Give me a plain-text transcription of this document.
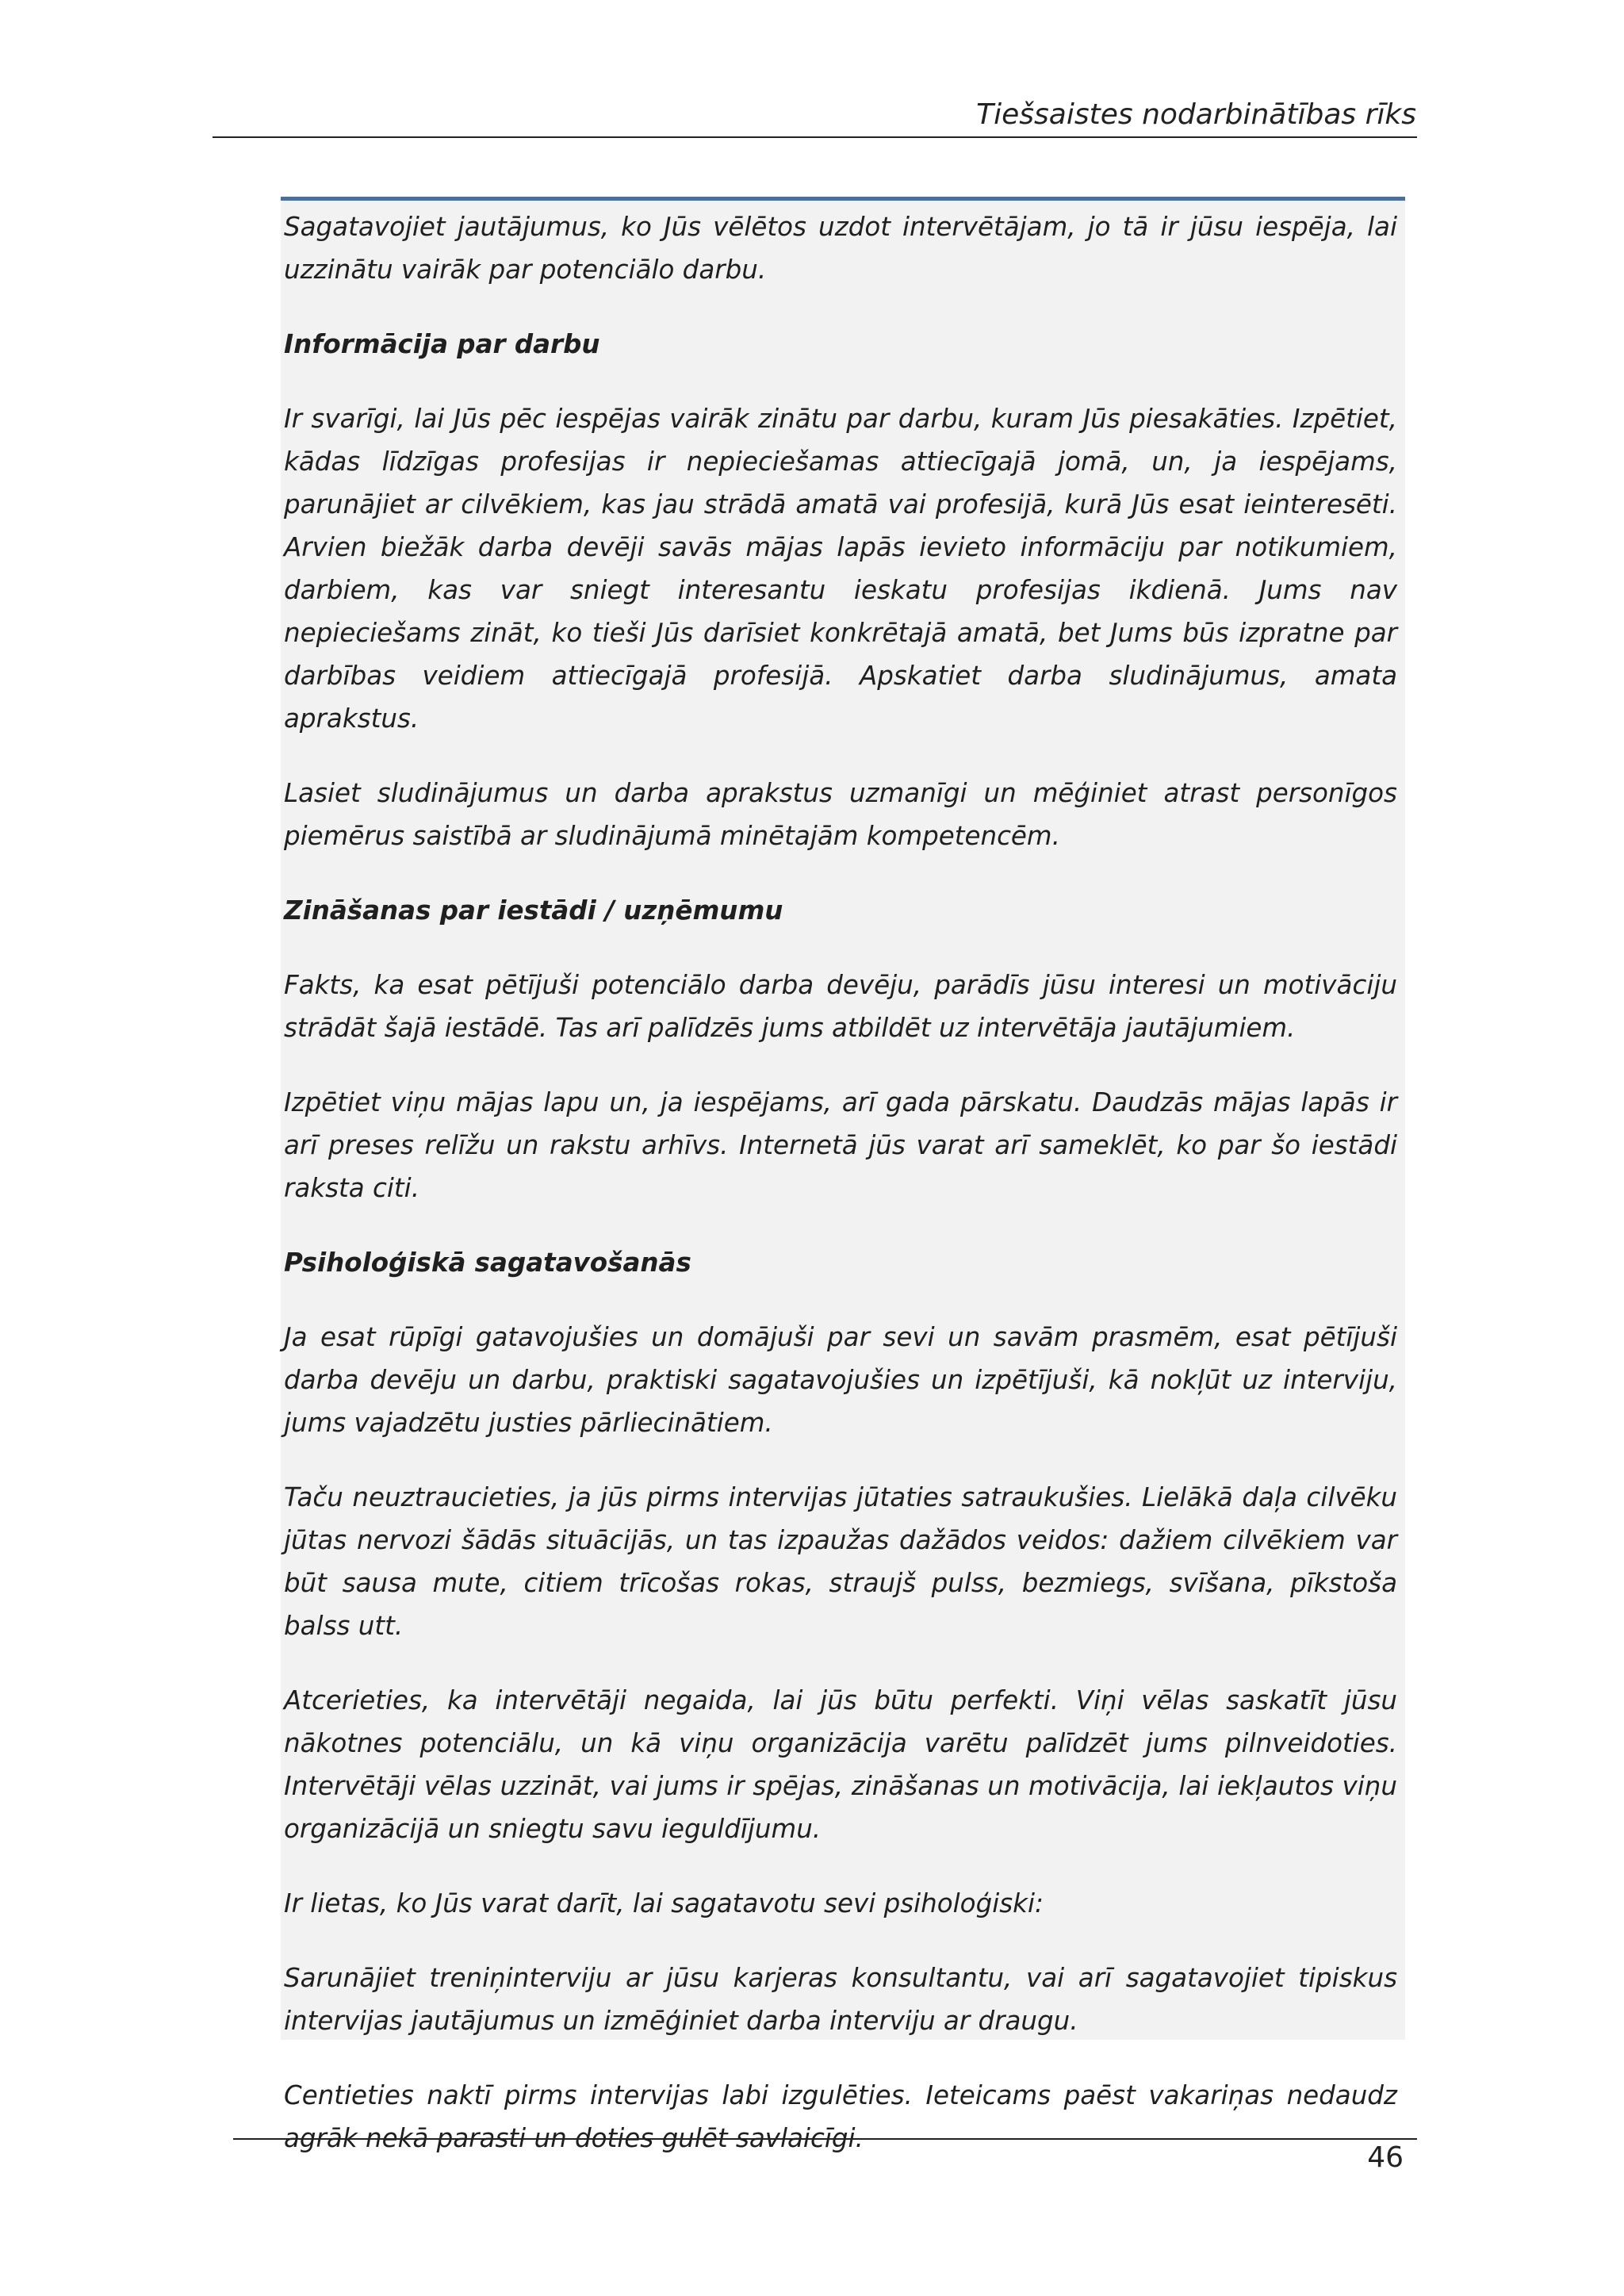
Tiešsaistes nodarbinātības rīks

Sagatavojiet jautājumus, ko Jūs vēlētos uzdot intervētājam, jo tā ir jūsu iespēja, lai uzzinātu vairāk par potenciālo darbu.

Informācija par darbu

Ir svarīgi, lai Jūs pēc iespējas vairāk zinātu par darbu, kuram Jūs piesakāties. Izpētiet, kādas līdzīgas profesijas ir nepieciešamas attiecīgajā jomā, un, ja iespējams, parunājiet ar cilvēkiem, kas jau strādā amatā vai profesijā, kurā Jūs esat ieinteresēti. Arvien biežāk darba devēji savās mājas lapās ievieto informāciju par notikumiem, darbiem, kas var sniegt interesantu ieskatu profesijas ikdienā. Jums nav nepieciešams zināt, ko tieši Jūs darīsiet konkrētajā amatā, bet Jums būs izpratne par darbības veidiem attiecīgajā profesijā. Apskatiet darba sludinājumus, amata aprakstus.

Lasiet sludinājumus un darba aprakstus uzmanīgi un mēģiniet atrast personīgos piemērus saistībā ar sludinājumā minētajām kompetencēm.

Zināšanas par iestādi / uzņēmumu

Fakts, ka esat pētījuši potenciālo darba devēju, parādīs jūsu interesi un motivāciju strādāt šajā iestādē. Tas arī palīdzēs jums atbildēt uz intervētāja jautājumiem.

Izpētiet viņu mājas lapu un, ja iespējams, arī gada pārskatu. Daudzās mājas lapās ir arī preses relīžu un rakstu arhīvs. Internetā jūs varat arī sameklēt, ko par šo iestādi raksta citi.

Psiholoģiskā sagatavošanās

Ja esat rūpīgi gatavojušies un domājuši par sevi un savām prasmēm, esat pētījuši darba devēju un darbu, praktiski sagatavojušies un izpētījuši, kā nokļūt uz interviju, jums vajadzētu justies pārliecinātiem.

Taču neuztraucieties, ja jūs pirms intervijas jūtaties satraukušies. Lielākā daļa cilvēku jūtas nervozi šādās situācijās, un tas izpaužas dažādos veidos: dažiem cilvēkiem var būt sausa mute, citiem trīcošas rokas, straujš pulss, bezmiegs, svīšana, pīkstoša balss utt.

Atcerieties, ka intervētāji negaida, lai jūs būtu perfekti. Viņi vēlas saskatīt jūsu nākotnes potenciālu, un kā viņu organizācija varētu palīdzēt jums pilnveidoties. Intervētāji vēlas uzzināt, vai jums ir spējas, zināšanas un motivācija, lai iekļautos viņu organizācijā un sniegtu savu ieguldījumu.

Ir lietas, ko Jūs varat darīt, lai sagatavotu sevi psiholoģiski:

Sarunājiet treniņinterviju ar jūsu karjeras konsultantu, vai arī sagatavojiet tipiskus intervijas jautājumus un izmēģiniet darba interviju ar draugu.

Centieties naktī pirms intervijas labi izgulēties. Ieteicams paēst vakariņas nedaudz agrāk nekā parasti un doties gulēt savlaicīgi.

46
